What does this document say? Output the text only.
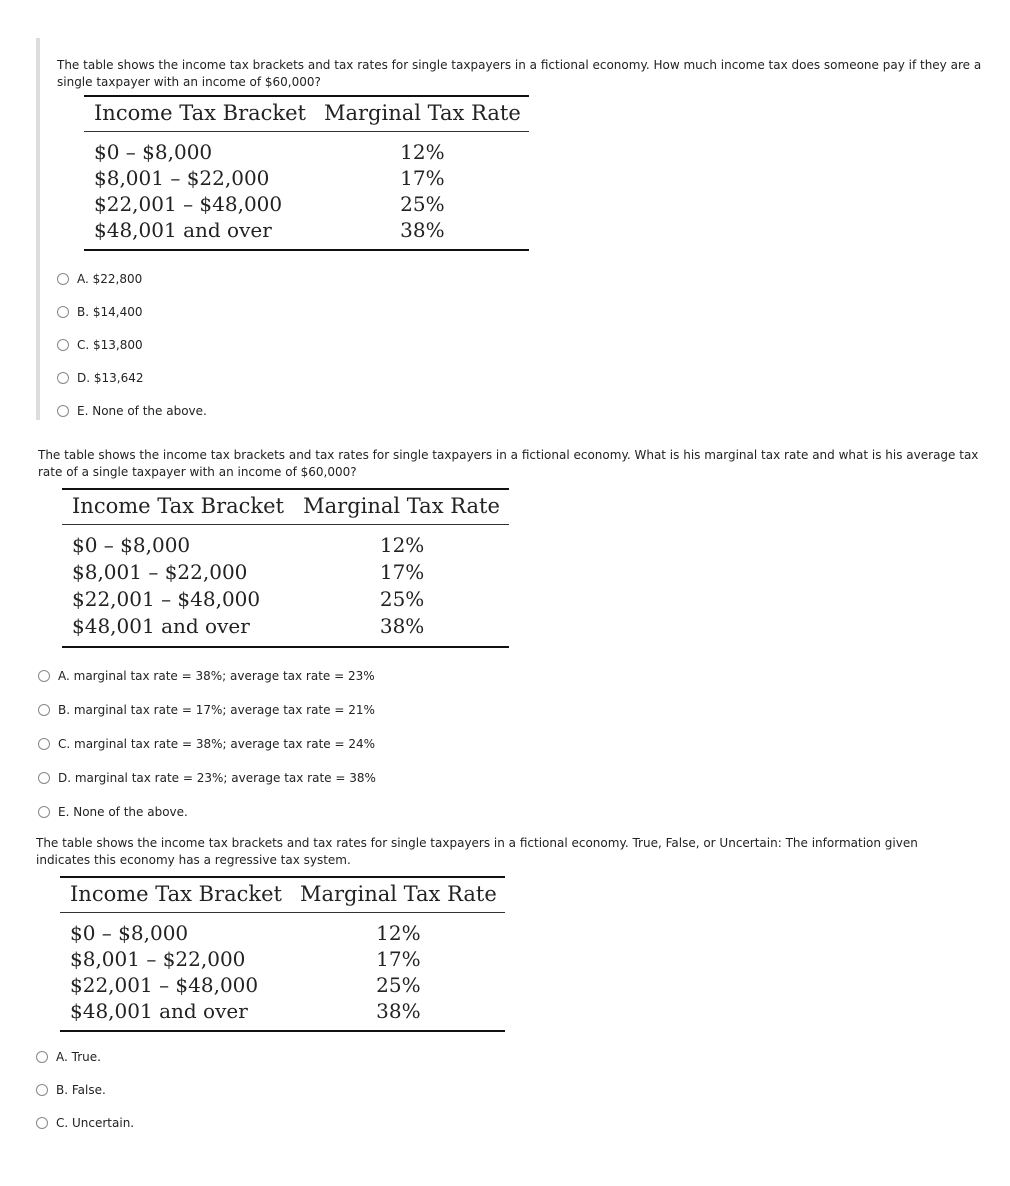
The table shows the income tax brackets and tax rates for single taxpayers in a fictional economy. How much income tax does someone pay if they are a single taxpayer with an income of $60,000?
Income Tax Bracket	Marginal Tax Rate
$0 – $8,000	12%
$8,001 – $22,000	17%
$22,001 – $48,000	25%
$48,001 and over	38%
A. $22,800
B. $14,400
C. $13,800
D. $13,642
E. None of the above.
The table shows the income tax brackets and tax rates for single taxpayers in a fictional economy. What is his marginal tax rate and what is his average tax rate of a single taxpayer with an income of $60,000?
Income Tax Bracket	Marginal Tax Rate
$0 – $8,000	12%
$8,001 – $22,000	17%
$22,001 – $48,000	25%
$48,001 and over	38%
A. marginal tax rate = 38%; average tax rate = 23%
B. marginal tax rate = 17%; average tax rate = 21%
C. marginal tax rate = 38%; average tax rate = 24%
D. marginal tax rate = 23%; average tax rate = 38%
E. None of the above.
The table shows the income tax brackets and tax rates for single taxpayers in a fictional economy. True, False, or Uncertain: The information given indicates this economy has a regressive tax system.
Income Tax Bracket	Marginal Tax Rate
$0 – $8,000	12%
$8,001 – $22,000	17%
$22,001 – $48,000	25%
$48,001 and over	38%
A. True.
B. False.
C. Uncertain.
